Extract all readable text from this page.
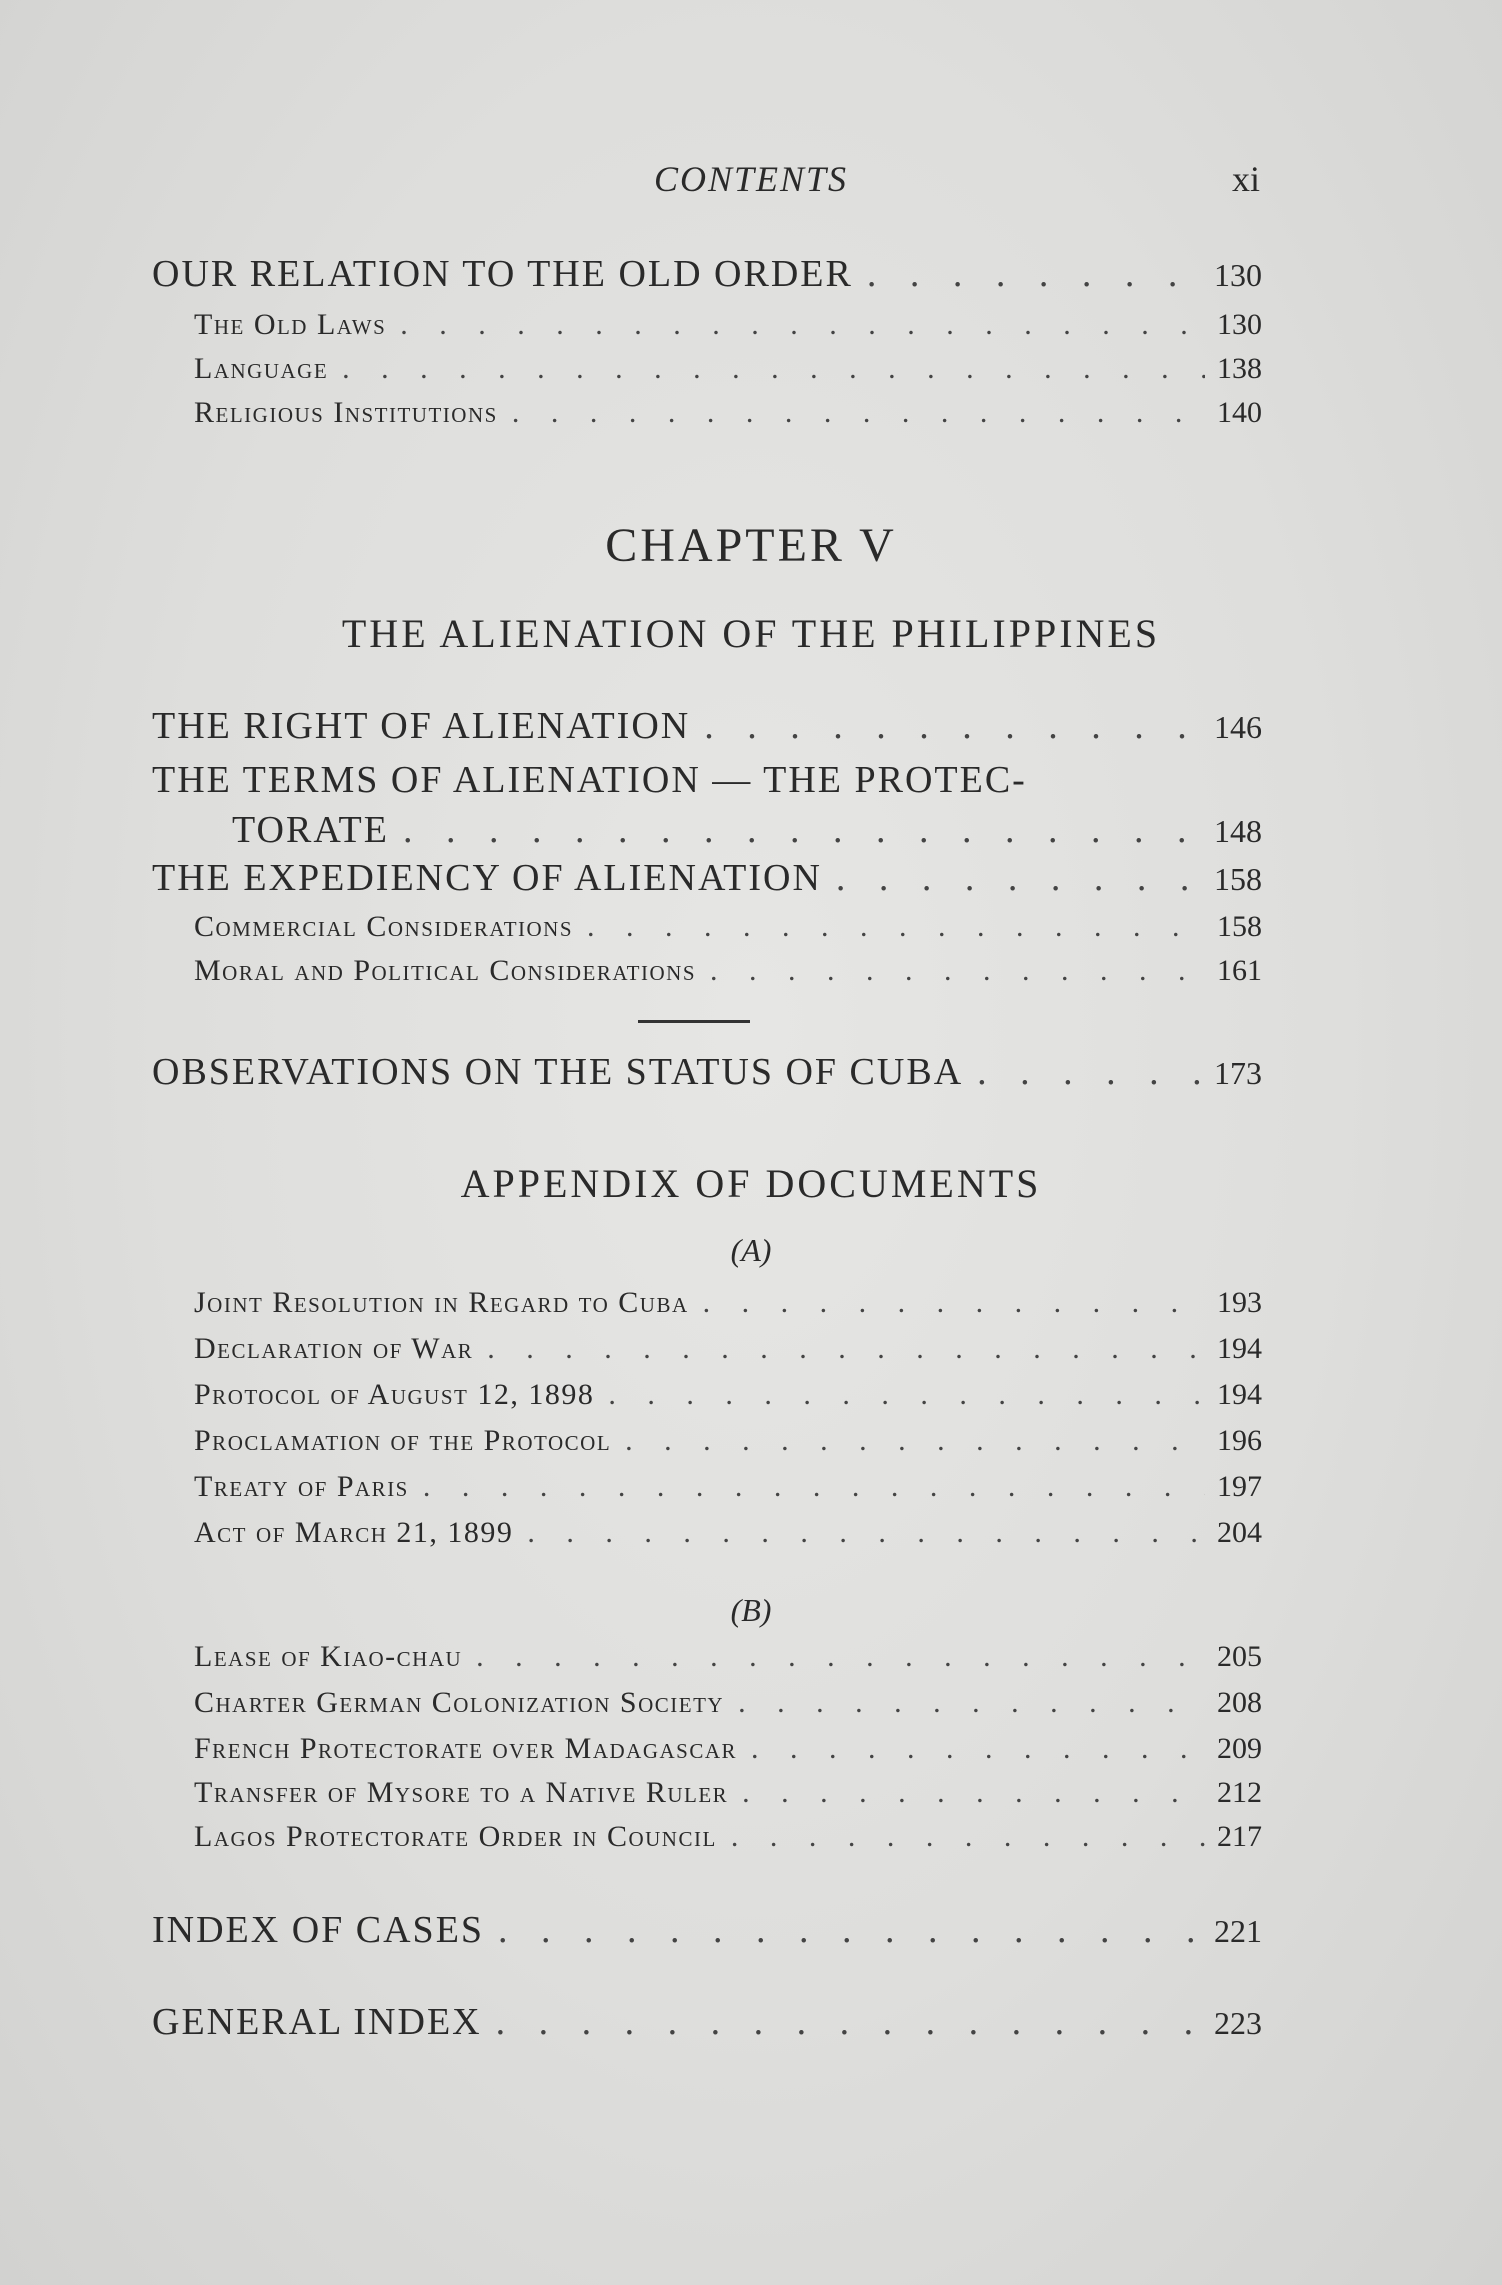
CONTENTS	xi
OUR RELATION TO THE OLD ORDER . . .	130
The Old Laws . . .	130
Language . . .	138
Religious Institutions . . .	140
CHAPTER V
THE ALIENATION OF THE PHILIPPINES
THE RIGHT OF ALIENATION . . .	146
THE TERMS OF ALIENATION — THE PROTEC-
TORATE . . .	148
THE EXPEDIENCY OF ALIENATION . . .	158
Commercial Considerations . . .	158
Moral and Political Considerations . . .	161
OBSERVATIONS ON THE STATUS OF CUBA . . .	173
APPENDIX OF DOCUMENTS
(A)
Joint Resolution in Regard to Cuba . . .	193
Declaration of War . . .	194
Protocol of August 12, 1898 . . .	194
Proclamation of the Protocol . . .	196
Treaty of Paris . . .	197
Act of March 21, 1899 . . .	204
(B)
Lease of Kiao-chau . . .	205
Charter German Colonization Society . . .	208
French Protectorate over Madagascar . . .	209
Transfer of Mysore to a Native Ruler . . .	212
Lagos Protectorate Order in Council . . .	217
INDEX OF CASES . . .	221
GENERAL INDEX . . .	223
